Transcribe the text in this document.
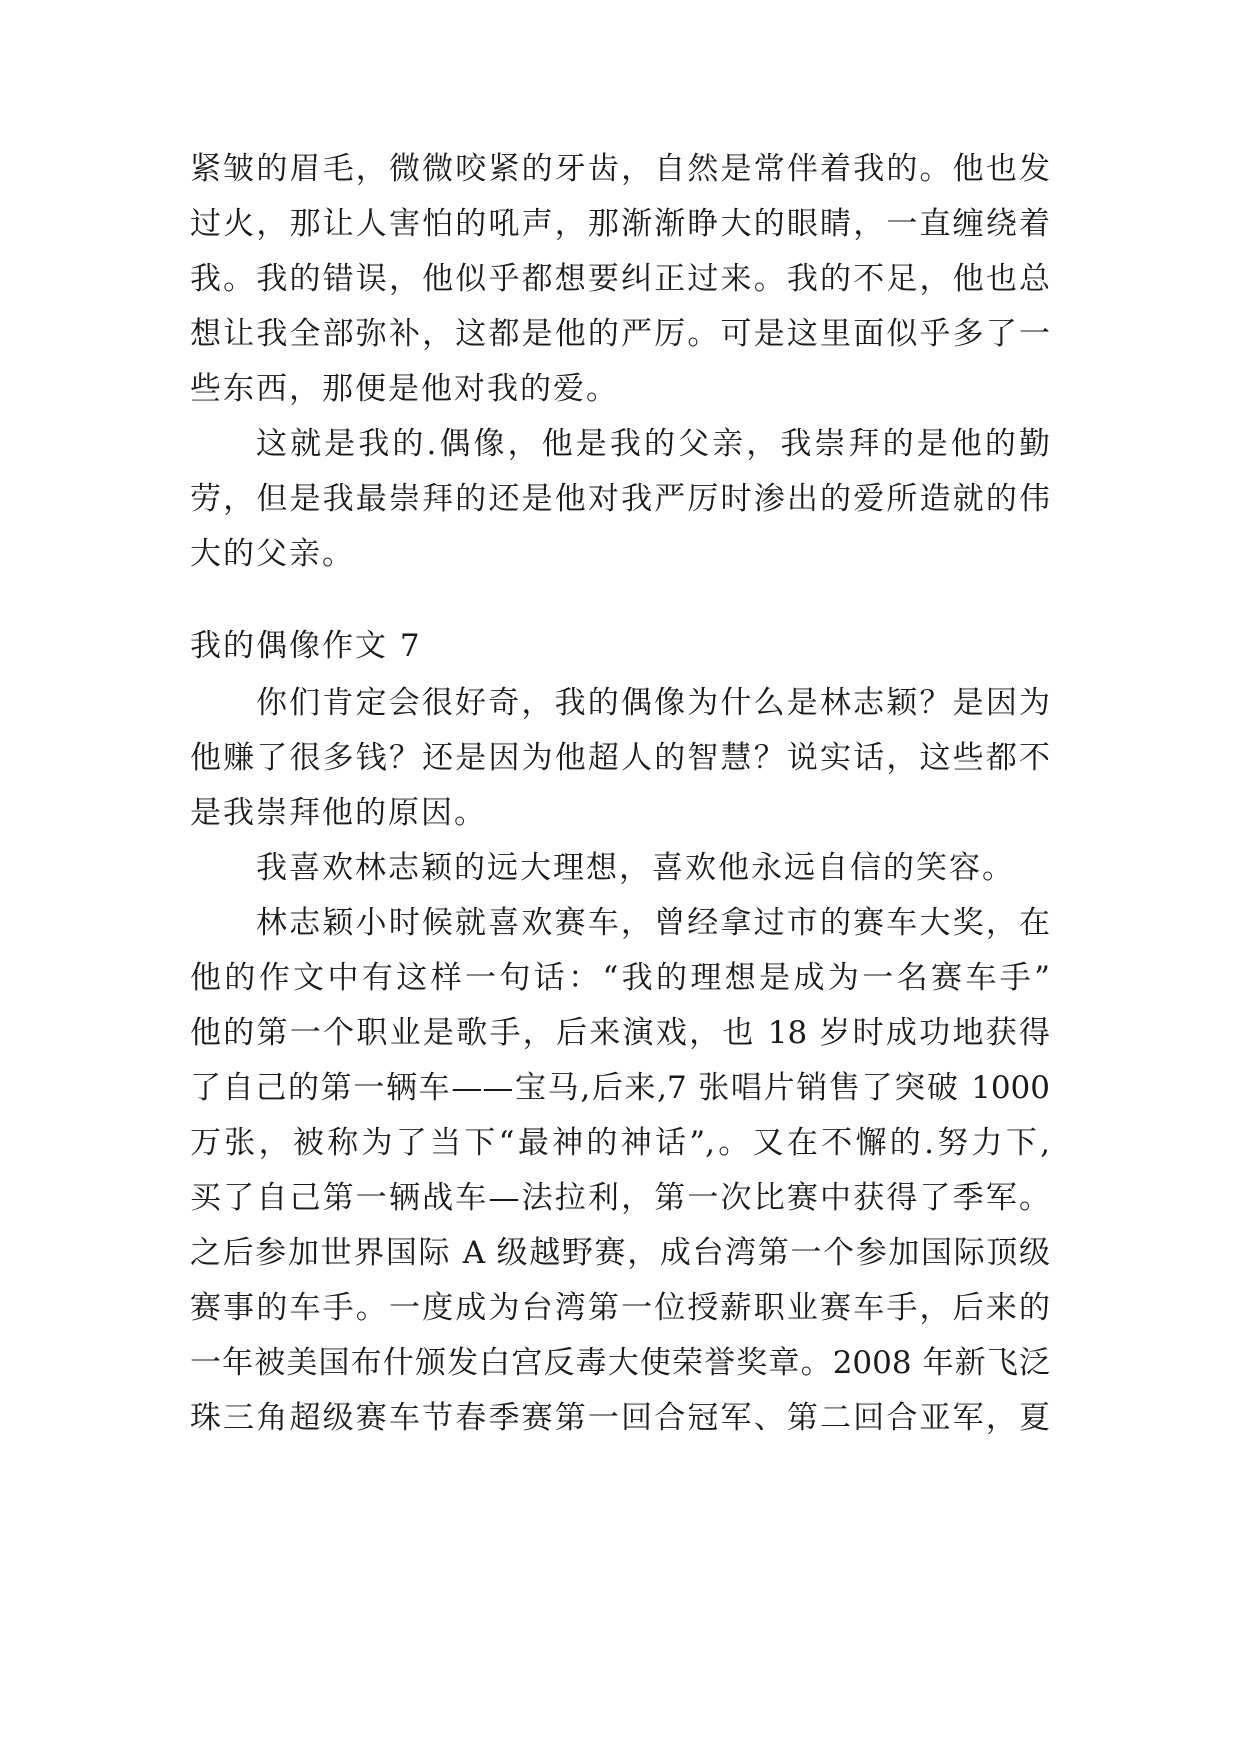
紧皱的眉毛，微微咬紧的牙齿，自然是常伴着我的。他也发
过火，那让人害怕的吼声，那渐渐睁大的眼睛，一直缠绕着
我。我的错误，他似乎都想要纠正过来。我的不足，他也总
想让我全部弥补，这都是他的严厉。可是这里面似乎多了一
些东西，那便是他对我的爱。
这就是我的.偶像，他是我的父亲，我崇拜的是他的勤
劳，但是我最崇拜的还是他对我严厉时渗出的爱所造就的伟
大的父亲。
我的偶像作文 7
你们肯定会很好奇，我的偶像为什么是林志颖？是因为
他赚了很多钱？还是因为他超人的智慧？说实话，这些都不
是我崇拜他的原因。
我喜欢林志颖的远大理想，喜欢他永远自信的笑容。
林志颖小时候就喜欢赛车，曾经拿过市的赛车大奖，在
他的作文中有这样一句话：“我的理想是成为一名赛车手”
他的第一个职业是歌手，后来演戏，也 18 岁时成功地获得
了自己的第一辆车——宝马,后来,7 张唱片销售了突破 1000
万张，被称为了当下“最神的神话”,。又在不懈的.努力下,
买了自己第一辆战车—法拉利，第一次比赛中获得了季军。
之后参加世界国际 A 级越野赛，成台湾第一个参加国际顶级
赛事的车手。一度成为台湾第一位授薪职业赛车手，后来的
一年被美国布什颁发白宫反毒大使荣誉奖章。2008 年新飞泛
珠三角超级赛车节春季赛第一回合冠军、第二回合亚军，夏
